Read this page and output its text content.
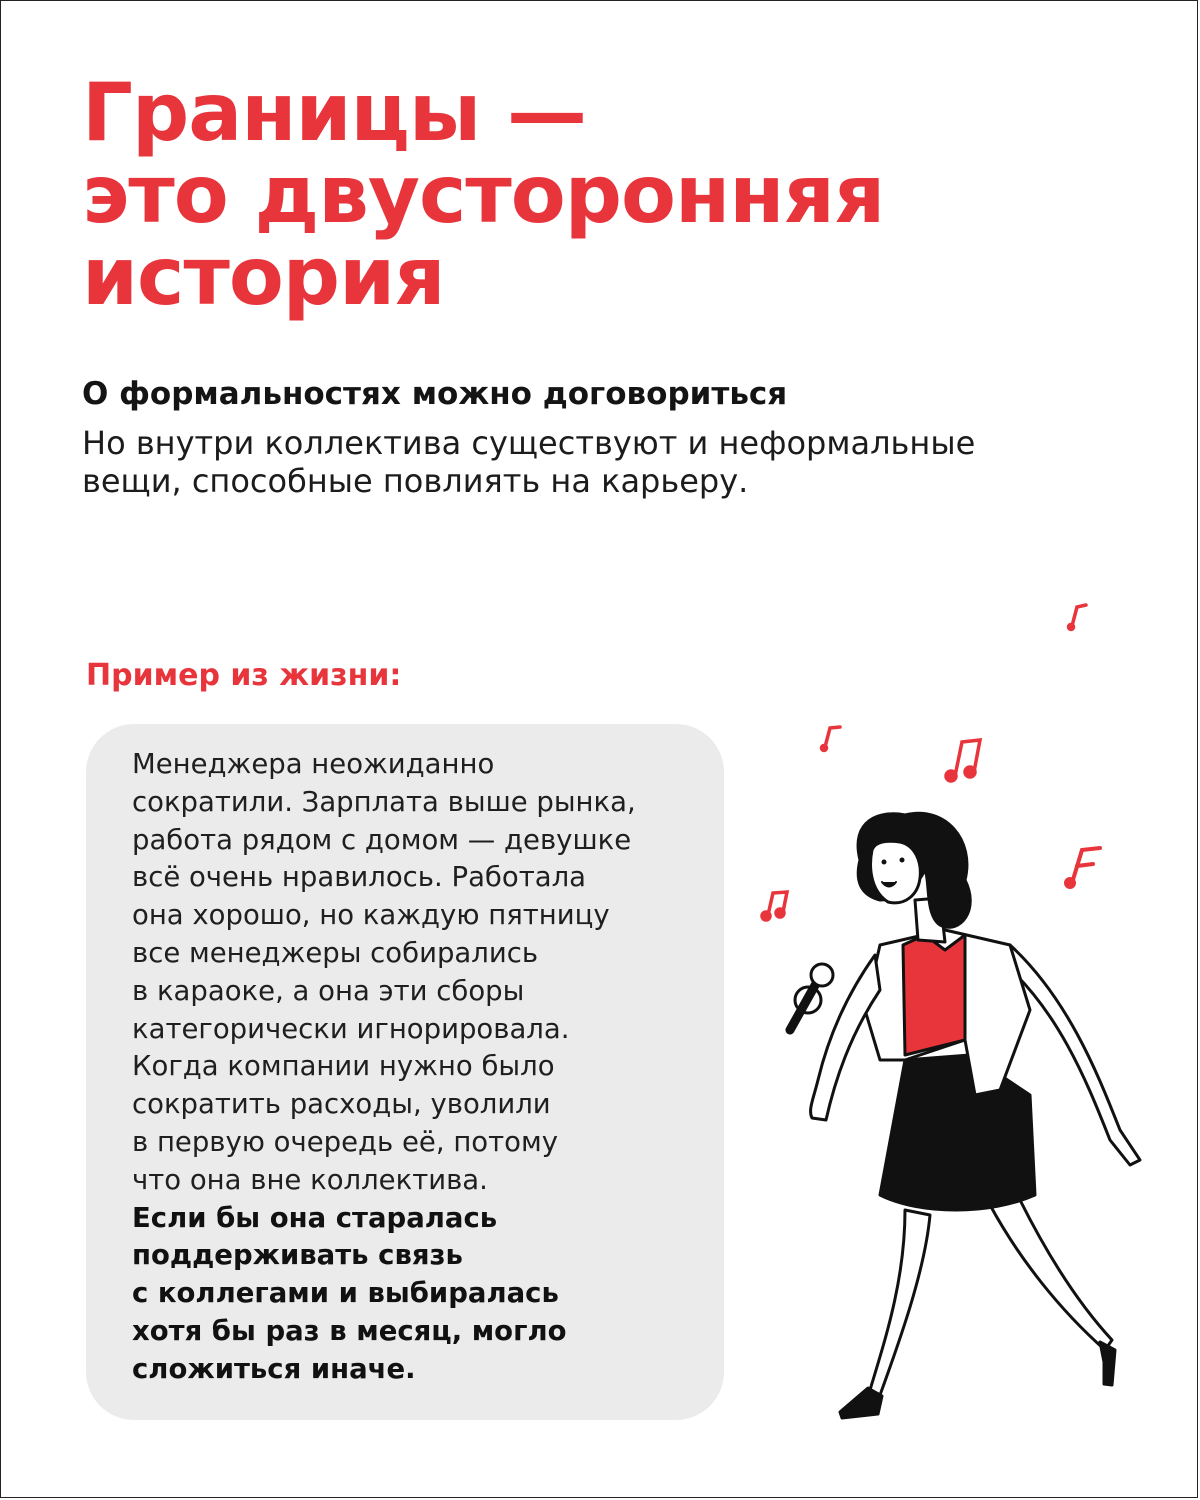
Границы —
это двусторонняя
история
О формальностях можно договориться

Но внутри коллектива существуют и неформальные
вещи, способные повлиять на карьеру.

Пример из жизни:

Менеджера неожиданно
сократили. Зарплата выше рынка,
работа рядом с домом — девушке
всё очень нравилось. Работала
она хорошо, но каждую пятницу
все менеджеры собирались
в караоке, а она эти сборы
категорически игнорировала.
Когда компании нужно было
сократить расходы, уволили
в первую очередь её, потому
что она вне коллектива.
Если бы она старалась
поддерживать связь
с коллегами и выбиралась
хотя бы раз в месяц, могло
сложиться иначе.
